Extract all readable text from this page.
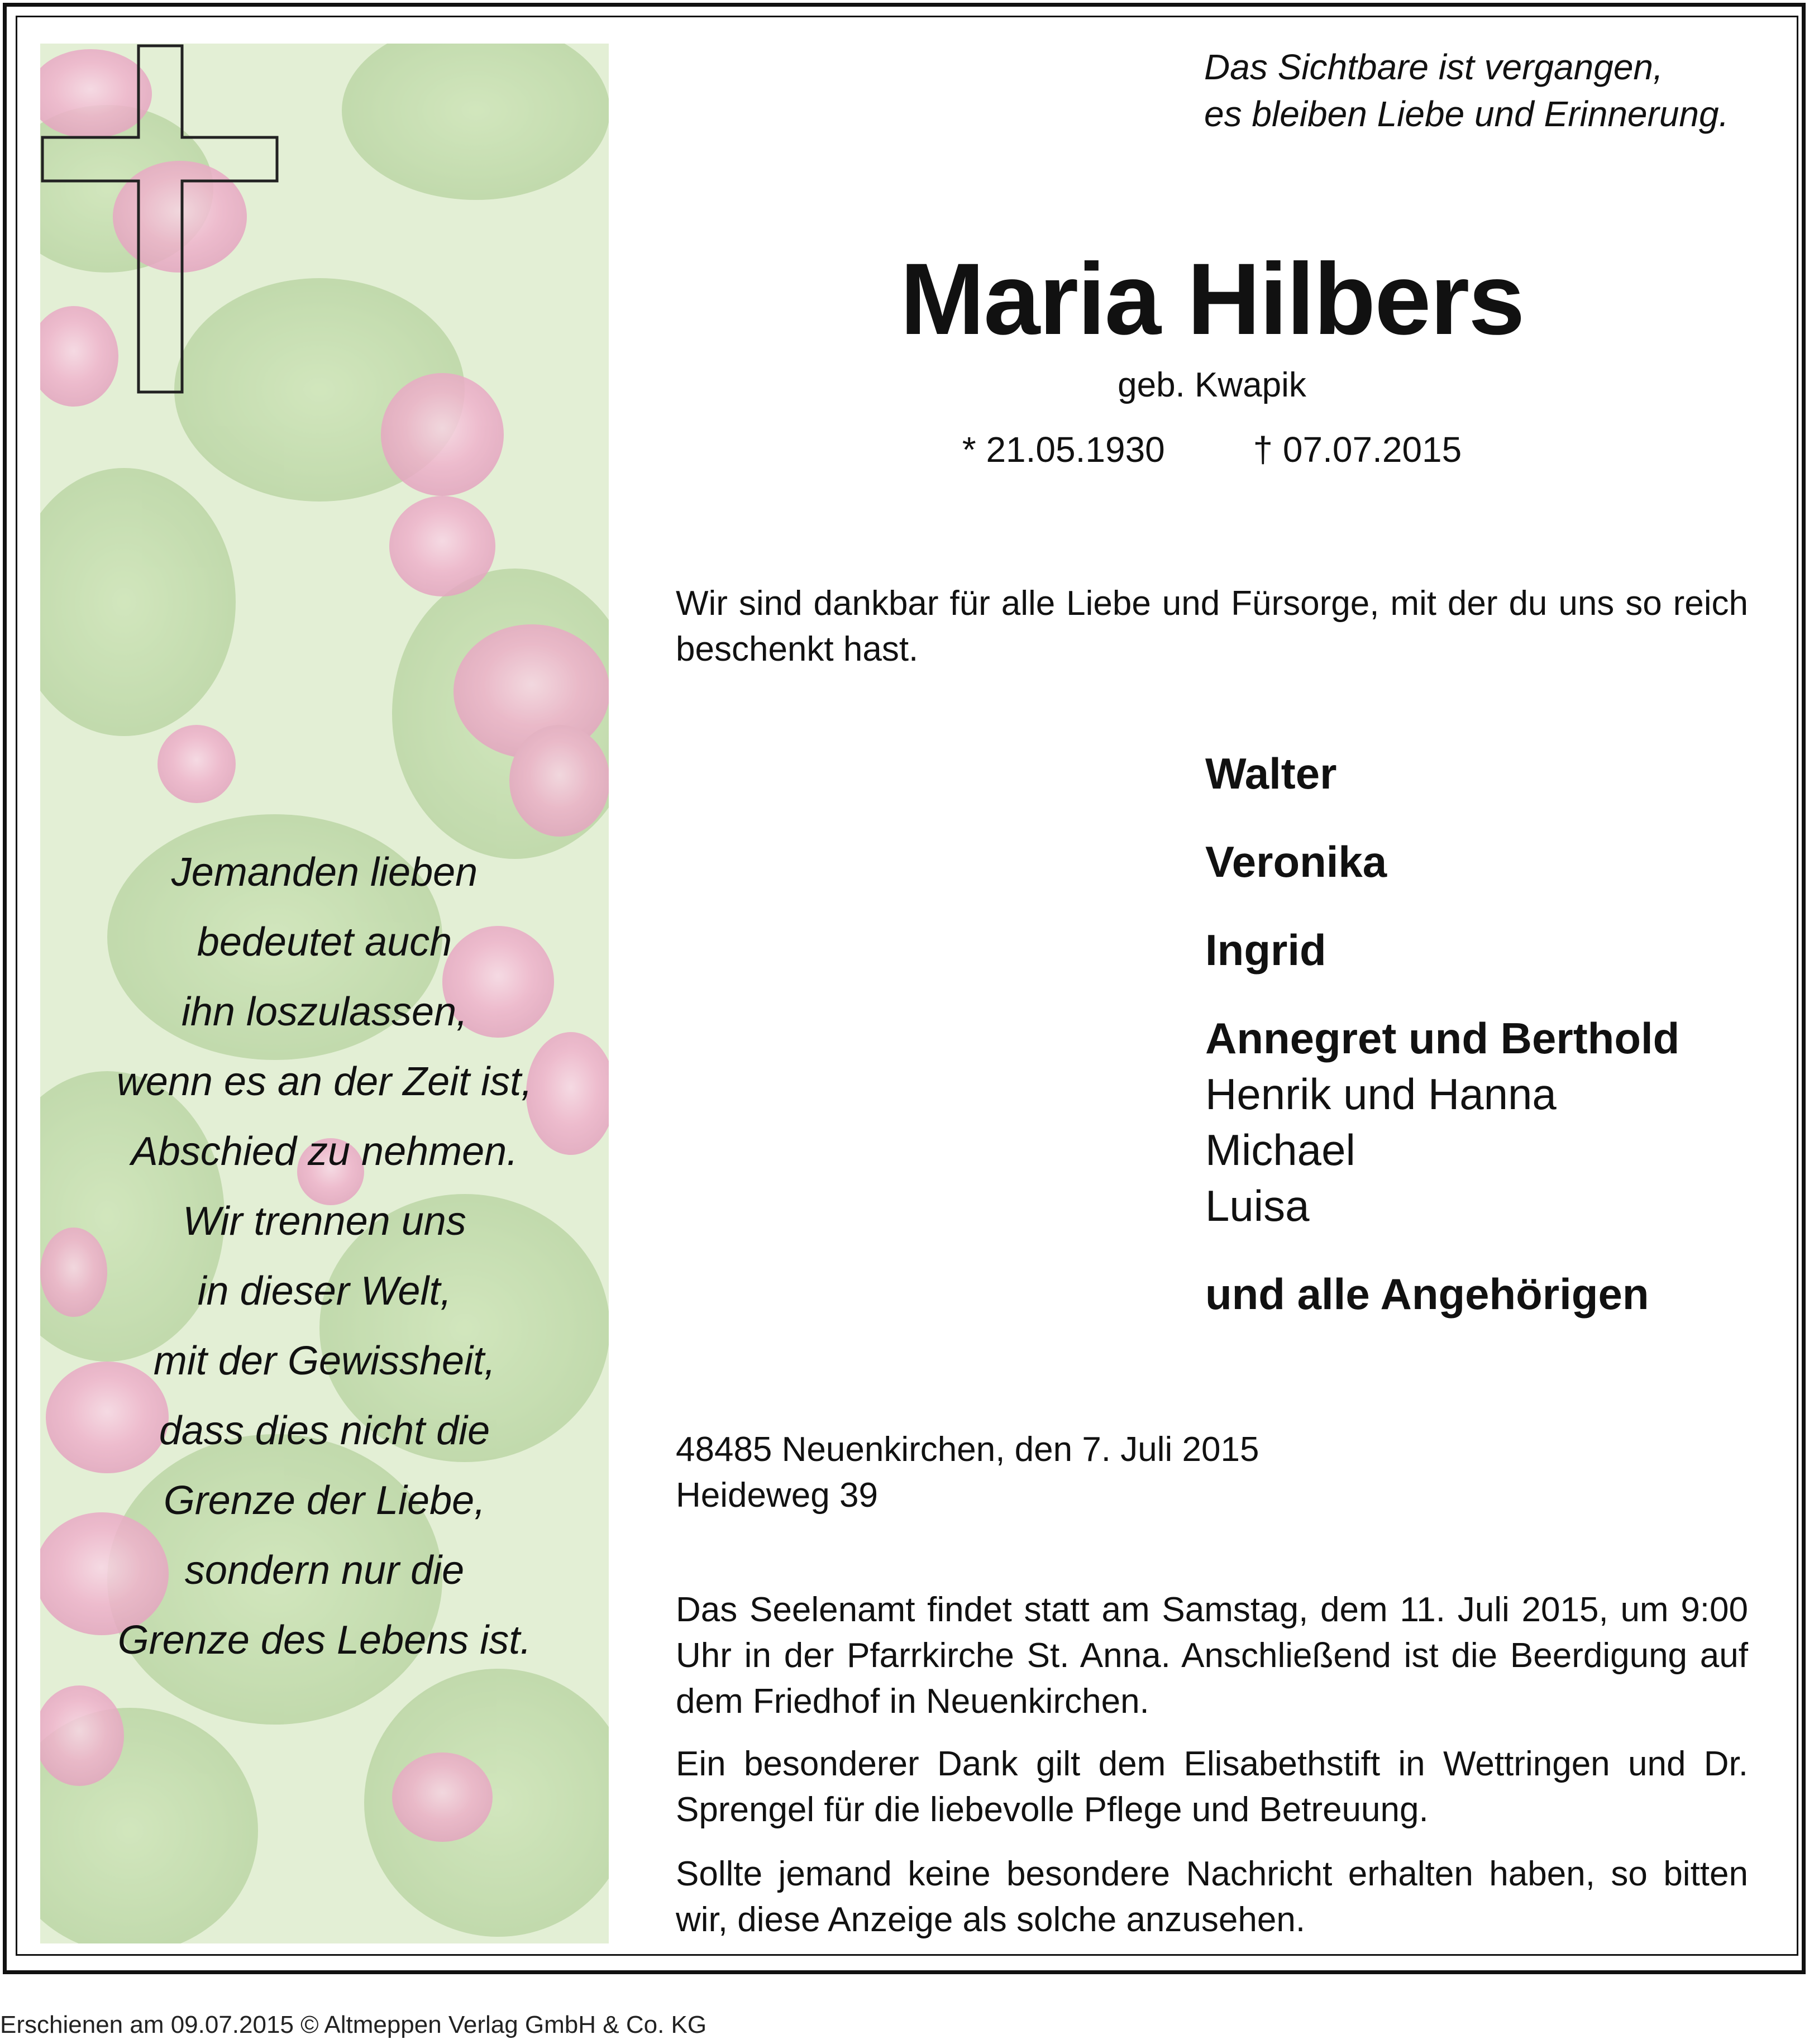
Jemanden lieben
bedeutet auch
ihn loszulassen,
wenn es an der Zeit ist,
Abschied zu nehmen.
Wir trennen uns
in dieser Welt,
mit der Gewissheit,
dass dies nicht die
Grenze der Liebe,
sondern nur die
Grenze des Lebens ist.
Das Sichtbare ist vergangen,
es bleiben Liebe und Erinnerung.
Maria Hilbers
geb. Kwapik
* 21.05.1930 † 07.07.2015
Wir sind dankbar für alle Liebe und Fürsorge, mit der du uns so reich beschenkt hast.
Walter
Veronika
Ingrid
Annegret und Berthold
Henrik und Hanna
Michael
Luisa
und alle Angehörigen
48485 Neuenkirchen, den 7. Juli 2015
Heideweg 39
Das Seelenamt findet statt am Samstag, dem 11. Juli 2015, um 9:00 Uhr in der Pfarrkirche St. Anna. Anschließend ist die Beerdigung auf dem Friedhof in Neuenkirchen.
Ein besonderer Dank gilt dem Elisabethstift in Wettringen und Dr. Sprengel für die liebevolle Pflege und Betreuung.
Sollte jemand keine besondere Nachricht erhalten haben, so bitten wir, diese Anzeige als solche anzusehen.
Erschienen am 09.07.2015 © Altmeppen Verlag GmbH & Co. KG
